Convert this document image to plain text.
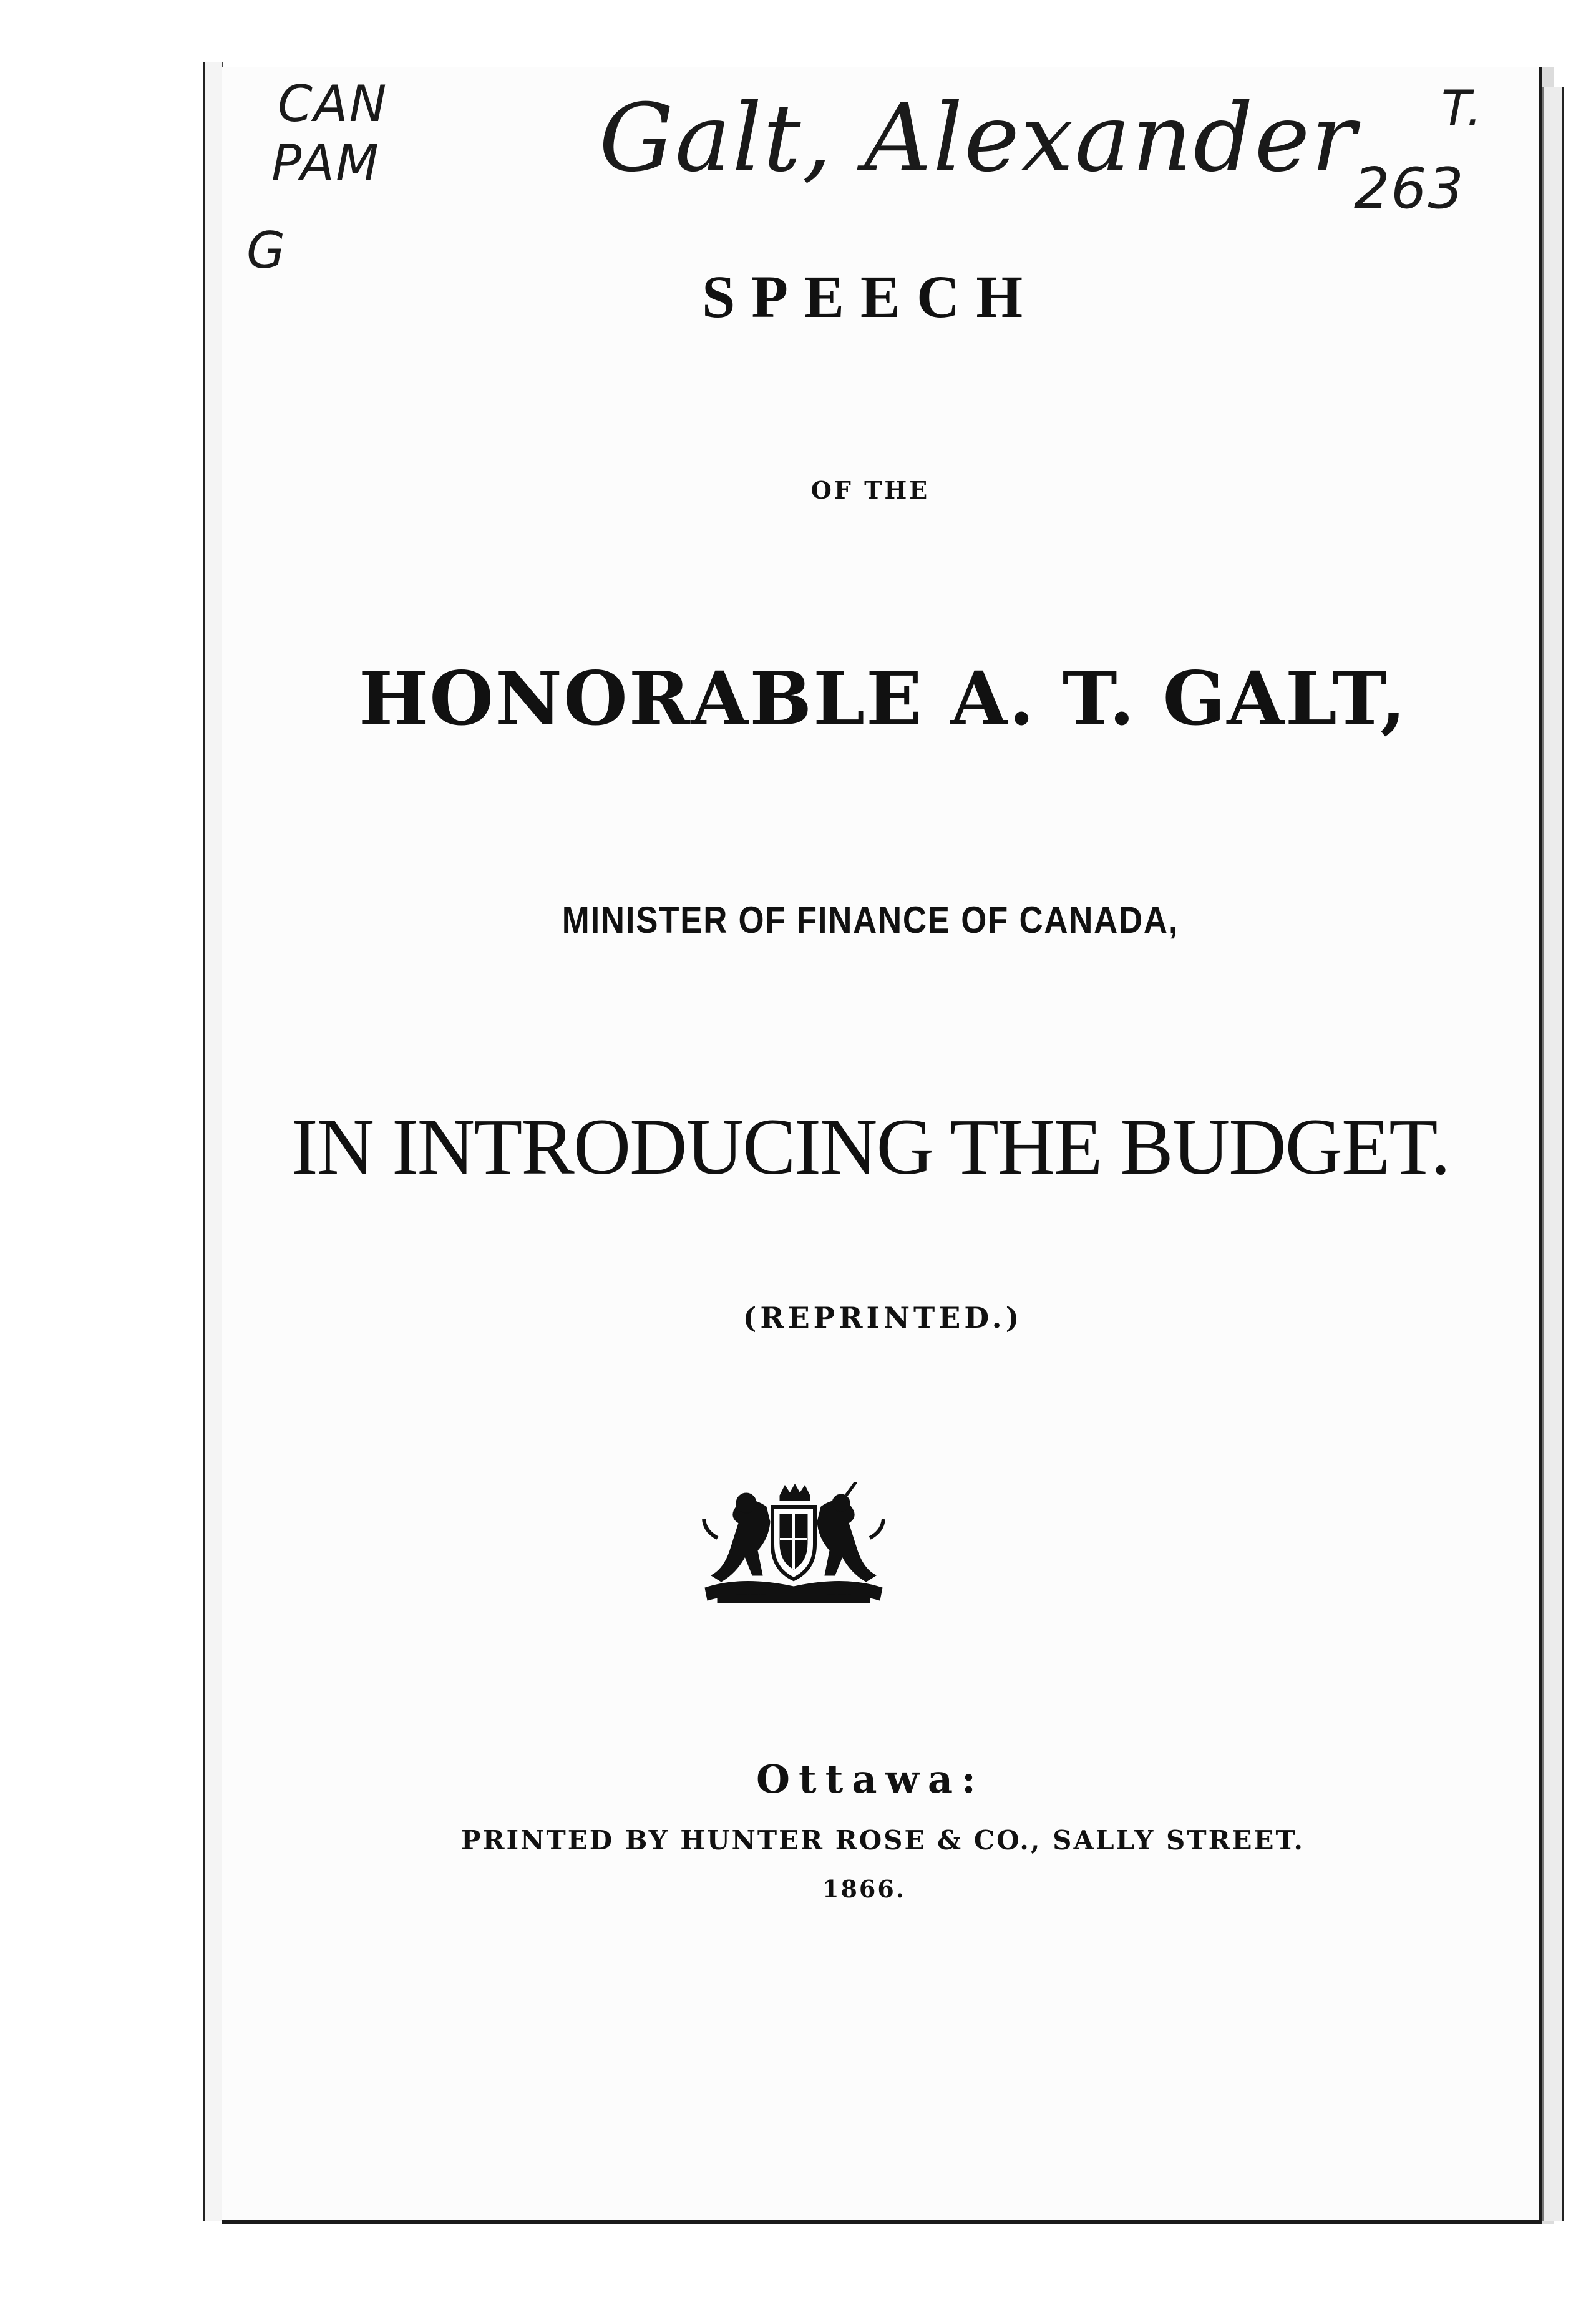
CAN
PAM
G
Galt, Alexander T.
263
SPEECH
OF THE
HONORABLE A. T. GALT,
MINISTER OF FINANCE OF CANADA,
IN INTRODUCING THE BUDGET.
(REPRINTED.)
Ottawa:
PRINTED BY HUNTER ROSE & CO., SALLY STREET.
1866.
